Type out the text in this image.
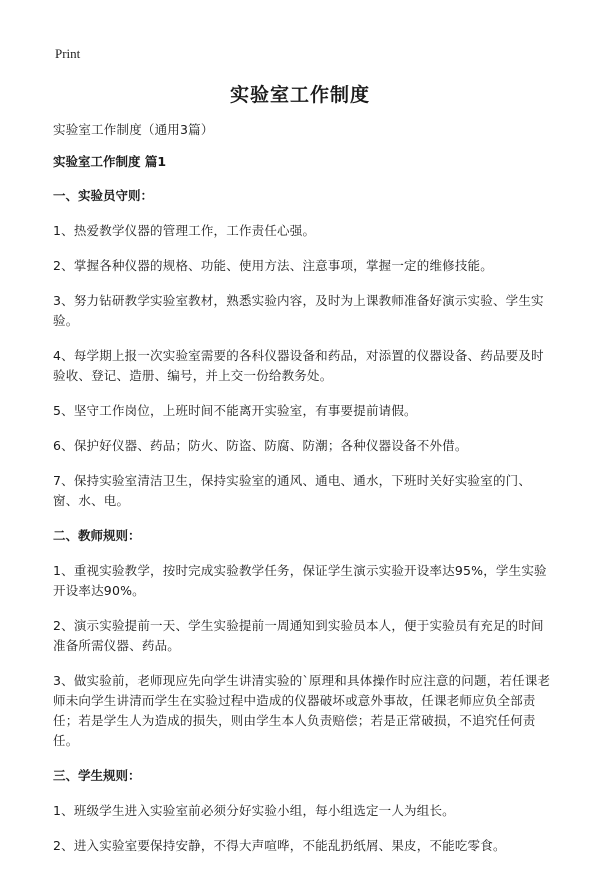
Print
实验室工作制度

实验室工作制度（通用3篇）

实验室工作制度 篇1

一、实验员守则：

1、热爱教学仪器的管理工作，工作责任心强。

2、掌握各种仪器的规格、功能、使用方法、注意事项，掌握一定的维修技能。

3、努力钻研教学实验室教材，熟悉实验内容，及时为上课教师准备好演示实验、学生实验。

4、每学期上报一次实验室需要的各科仪器设备和药品，对添置的仪器设备、药品要及时验收、登记、造册、编号，并上交一份给教务处。

5、坚守工作岗位，上班时间不能离开实验室，有事要提前请假。

6、保护好仪器、药品；防火、防盗、防腐、防潮；各种仪器设备不外借。

7、保持实验室清洁卫生，保持实验室的通风、通电、通水，下班时关好实验室的门、窗、水、电。

二、教师规则：

1、重视实验教学，按时完成实验教学任务，保证学生演示实验开设率达95%，学生实验开设率达90%。

2、演示实验提前一天、学生实验提前一周通知到实验员本人，便于实验员有充足的时间准备所需仪器、药品。

3、做实验前，老师现应先向学生讲清实验的`原理和具体操作时应注意的问题，若任课老师未向学生讲清而学生在实验过程中造成的仪器破坏或意外事故，任课老师应负全部责任；若是学生人为造成的损失，则由学生本人负责赔偿；若是正常破损，不追究任何责任。

三、学生规则：

1、班级学生进入实验室前必须分好实验小组，每小组选定一人为组长。

2、进入实验室要保持安静，不得大声喧哗，不能乱扔纸屑、果皮，不能吃零食。
